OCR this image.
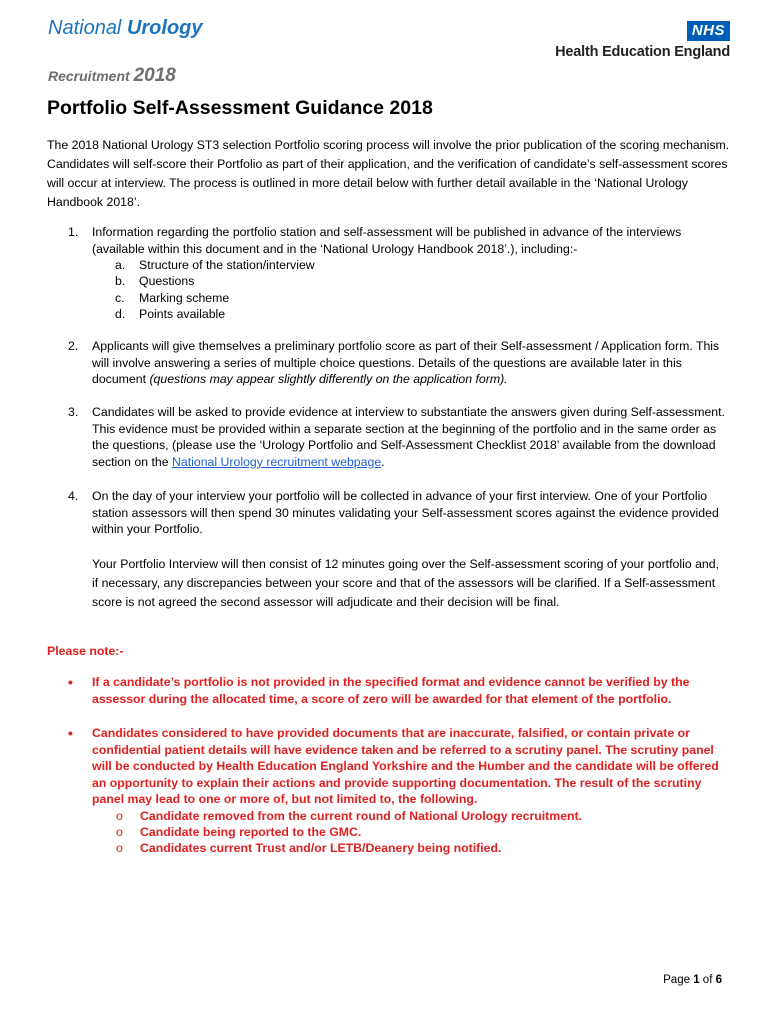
National Urology
Recruitment 2018
NHS
Health Education England
Portfolio Self-Assessment Guidance 2018
The 2018 National Urology ST3 selection Portfolio scoring process will involve the prior publication of the scoring mechanism. Candidates will self-score their Portfolio as part of their application, and the verification of candidate’s self-assessment scores will occur at interview. The process is outlined in more detail below with further detail available in the ‘National Urology Handbook 2018’.
1. Information regarding the portfolio station and self-assessment will be published in advance of the interviews (available within this document and in the ‘National Urology Handbook 2018’.), including:-
a. Structure of the station/interview
b. Questions
c. Marking scheme
d. Points available
2. Applicants will give themselves a preliminary portfolio score as part of their Self-assessment / Application form. This will involve answering a series of multiple choice questions. Details of the questions are available later in this document (questions may appear slightly differently on the application form).
3. Candidates will be asked to provide evidence at interview to substantiate the answers given during Self-assessment. This evidence must be provided within a separate section at the beginning of the portfolio and in the same order as the questions, (please use the ‘Urology Portfolio and Self-Assessment Checklist 2018’ available from the download section on the National Urology recruitment webpage.
4. On the day of your interview your portfolio will be collected in advance of your first interview. One of your Portfolio station assessors will then spend 30 minutes validating your Self-assessment scores against the evidence provided within your Portfolio.
Your Portfolio Interview will then consist of 12 minutes going over the Self-assessment scoring of your portfolio and, if necessary, any discrepancies between your score and that of the assessors will be clarified. If a Self-assessment score is not agreed the second assessor will adjudicate and their decision will be final.
Please note:-
• If a candidate’s portfolio is not provided in the specified format and evidence cannot be verified by the assessor during the allocated time, a score of zero will be awarded for that element of the portfolio.
• Candidates considered to have provided documents that are inaccurate, falsified, or contain private or confidential patient details will have evidence taken and be referred to a scrutiny panel. The scrutiny panel will be conducted by Health Education England Yorkshire and the Humber and the candidate will be offered an opportunity to explain their actions and provide supporting documentation. The result of the scrutiny panel may lead to one or more of, but not limited to, the following.
o Candidate removed from the current round of National Urology recruitment.
o Candidate being reported to the GMC.
o Candidates current Trust and/or LETB/Deanery being notified.
Page 1 of 6
